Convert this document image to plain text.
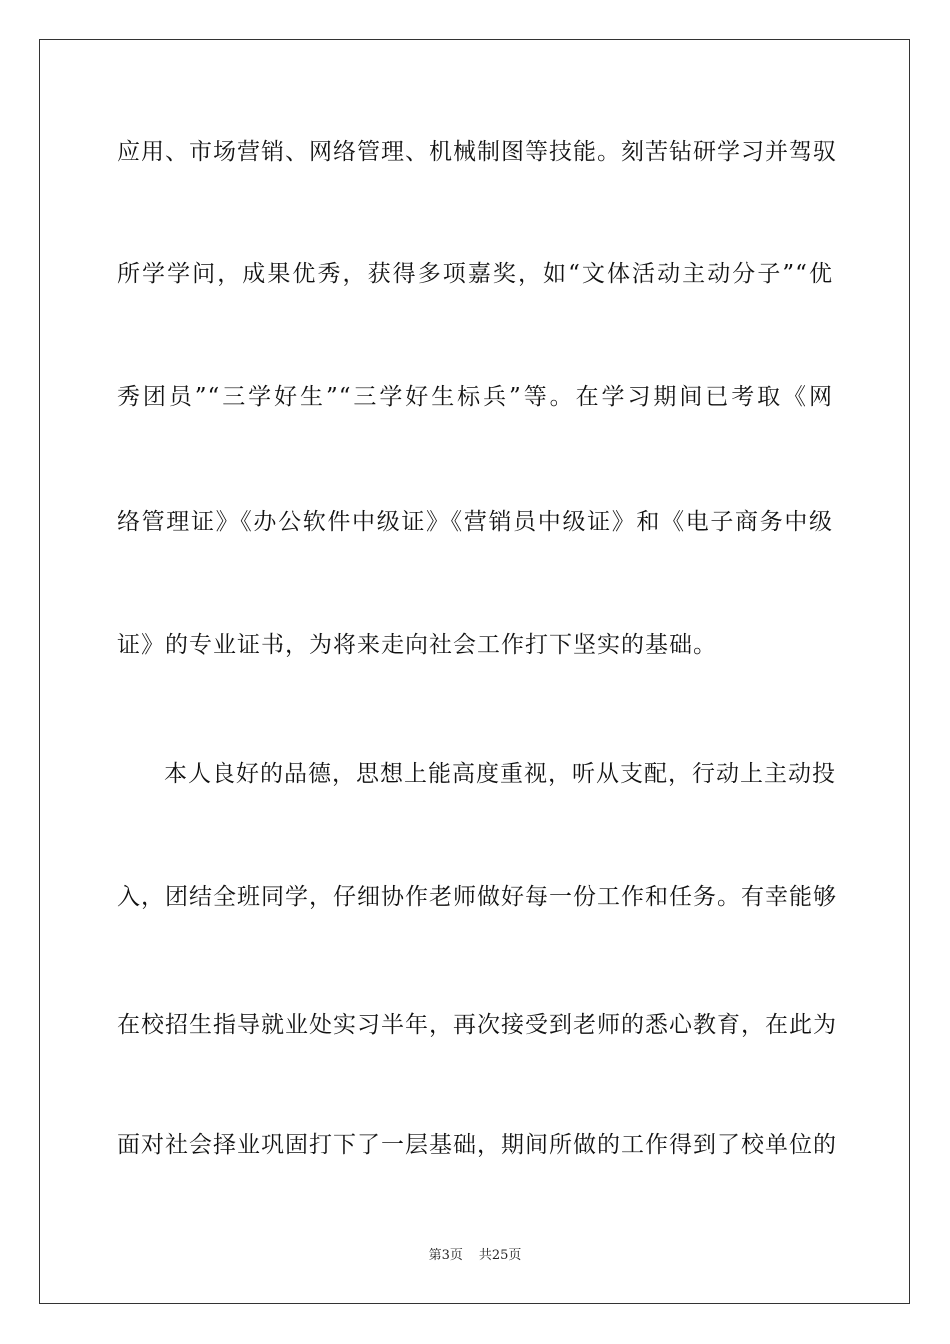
应用、市场营销、网络管理、机械制图等技能。刻苦钻研学习并驾驭
所学学问，成果优秀，获得多项嘉奖，如“文体活动主动分子”“优
秀团员”“三学好生”“三学好生标兵”等。在学习期间已考取《网
络管理证》《办公软件中级证》《营销员中级证》和《电子商务中级
证》的专业证书，为将来走向社会工作打下坚实的基础。
本人良好的品德，思想上能高度重视，听从支配，行动上主动投
入，团结全班同学，仔细协作老师做好每一份工作和任务。有幸能够
在校招生指导就业处实习半年，再次接受到老师的悉心教育，在此为
面对社会择业巩固打下了一层基础，期间所做的工作得到了校单位的
第3页 共25页
